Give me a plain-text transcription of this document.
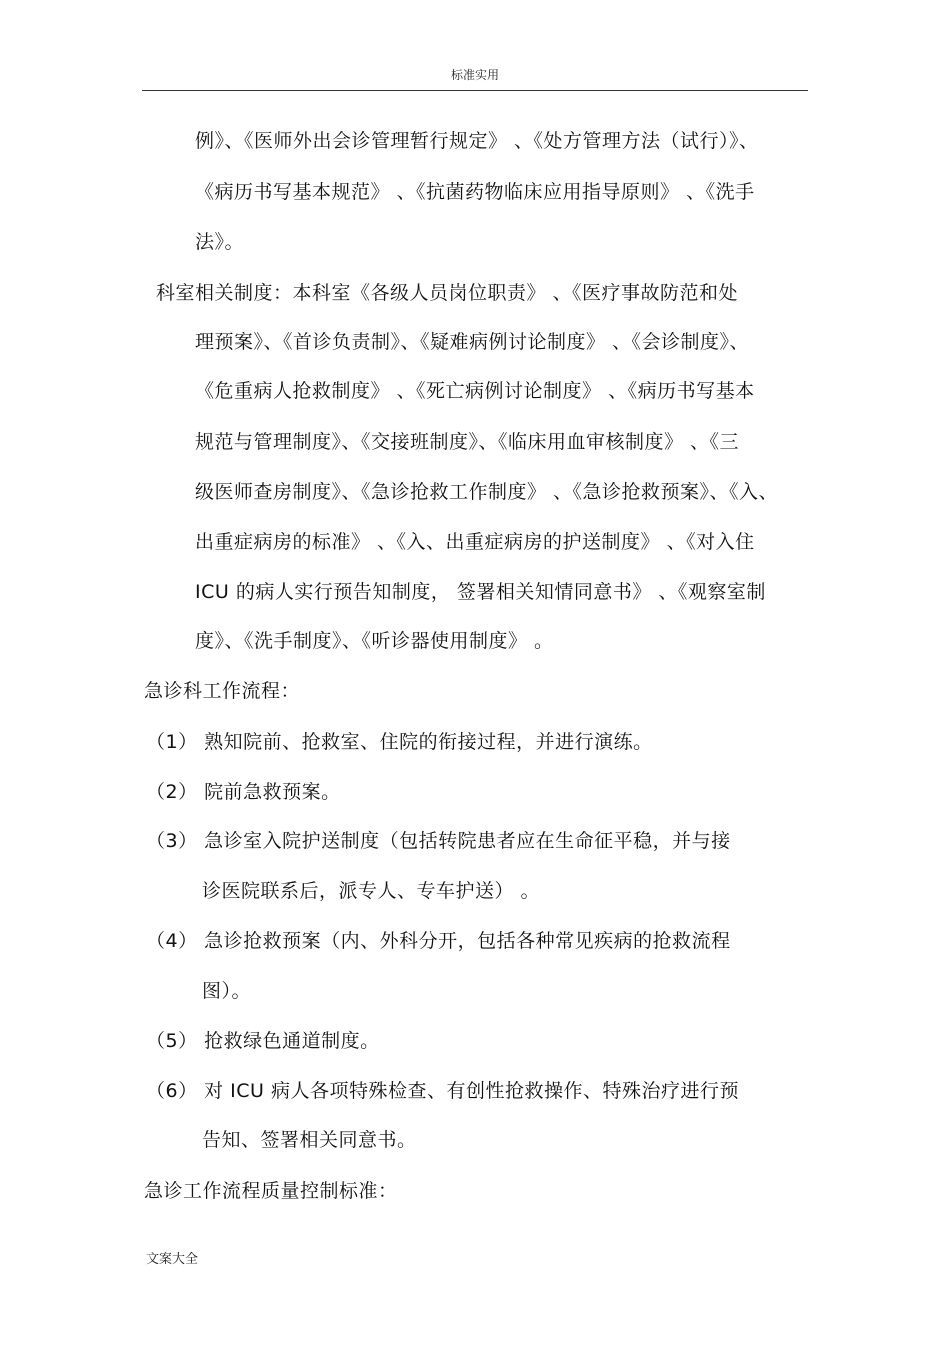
标准实用
例》、《医师外出会诊管理暂行规定》 、《处方管理方法（试行）》、
《病历书写基本规范》 、《抗菌药物临床应用指导原则》 、《洗手
法》。
科室相关制度：本科室《各级人员岗位职责》 、《医疗事故防范和处
理预案》、《首诊负责制》、《疑难病例讨论制度》 、《会诊制度》、
《危重病人抢救制度》 、《死亡病例讨论制度》 、《病历书写基本
规范与管理制度》、《交接班制度》、《临床用血审核制度》 、《三
级医师查房制度》、《急诊抢救工作制度》 、《急诊抢救预案》、《入、
出重症病房的标准》 、《入、出重症病房的护送制度》 、《对入住
ICU 的病人实行预告知制度， 签署相关知情同意书》 、《观察室制
度》、《洗手制度》、《听诊器使用制度》 。
急诊科工作流程：
（1） 熟知院前、抢救室、住院的衔接过程，并进行演练。
（2） 院前急救预案。
（3） 急诊室入院护送制度（包括转院患者应在生命征平稳，并与接
诊医院联系后，派专人、专车护送） 。
（4） 急诊抢救预案（内、外科分开，包括各种常见疾病的抢救流程
图）。
（5） 抢救绿色通道制度。
（6） 对 ICU 病人各项特殊检查、有创性抢救操作、特殊治疗进行预
告知、签署相关同意书。
急诊工作流程质量控制标准：
文案大全
